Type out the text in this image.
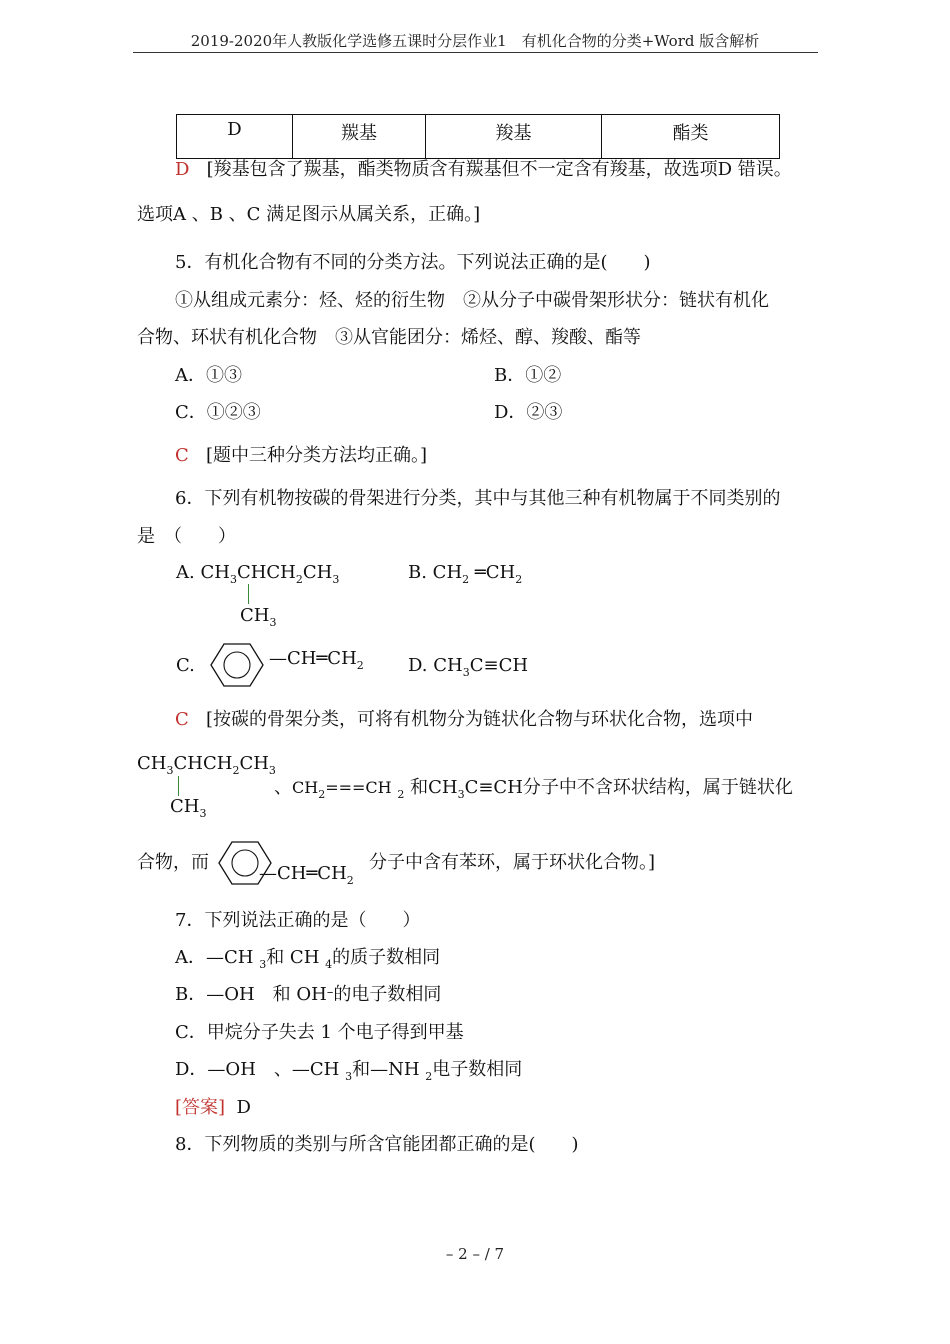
2019-2020年人教版化学选修五课时分层作业1　有机化合物的分类+Word 版含解析
D	羰基	羧基	酯类
D [羧基包含了羰基，酯类物质含有羰基但不一定含有羧基，故选项D 错误。
选项A 、B 、C 满足图示从属关系，正确。]
5．有机化合物有不同的分类方法。下列说法正确的是(　　)
①从组成元素分：烃、烃的衍生物　②从分子中碳骨架形状分：链状有机化
合物、环状有机化合物　③从官能团分：烯烃、醇、羧酸、酯等
A．①③	B．①②
C．①②③	D．②③
C [题中三种分类方法均正确。]
6．下列有机物按碳的骨架进行分类，其中与其他三种有机物属于不同类别的
是　（　　）
A. $CH_3CHCH_2CH_3$
$CH_3$
B. $CH_2$ $═CH_2$
C.	$—CH═CH_2$ D. $CH_3C\equiv CH$
C [按碳的骨架分类，可将有机物分为链状化合物与环状化合物，选项中
$CH_3CHCH_2CH_3$
$CH_3$
、$CH_2===CH$ $_2$ 和$CH_3C\equiv CH$分子中不含环状结构，属于链状化
合物，而
$—CH═CH_2$
分子中含有苯环，属于环状化合物。]
7．下列说法正确的是（　　）
A．—CH $_3$和 CH $_4$的质子数相同
B．—OH　和 OH–的电子数相同
C．甲烷分子失去 1 个电子得到甲基
D．—OH　、—CH $_3$和—NH $_2$电子数相同
[答案] D
8．下列物质的类别与所含官能团都正确的是(　　)
– 2 – / 7
